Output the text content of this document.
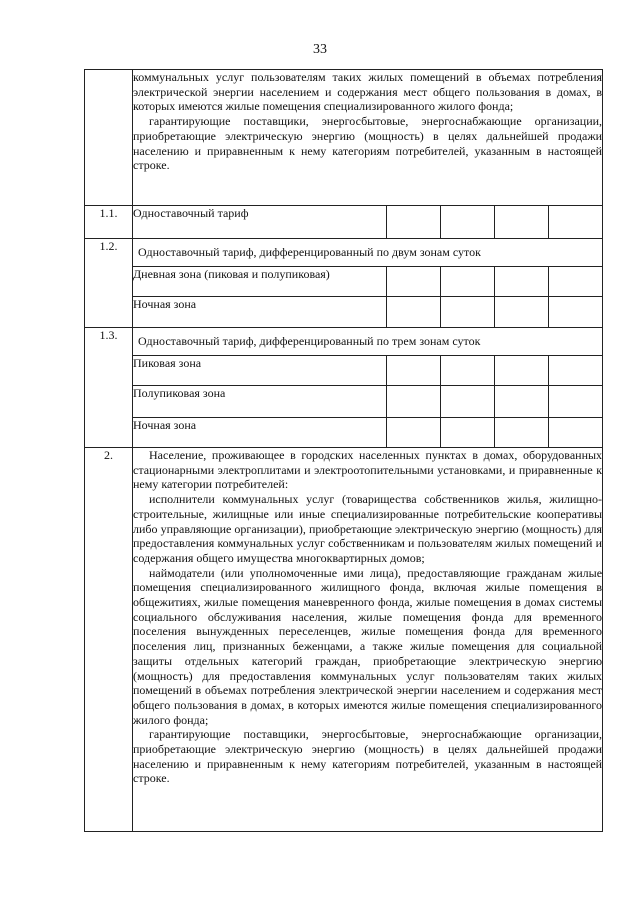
33

	коммунальных услуг пользователям таких жилых помещений в объемах потребления электрической энергии населением и содержания мест общего пользования в домах, в которых имеются жилые помещения специализированного жилого фонда;

гарантирующие поставщики, энергосбытовые, энергоснабжающие организации, приобретающие электрическую энергию (мощность) в целях дальнейшей продажи населению и приравненным к нему категориям потребителей, указанным в настоящей строке.				

1.1.	Одноставочный тариф				
1.2.	Одноставочный тариф, дифференцированный по двум зонам суток				
	Дневная зона (пиковая и полупиковая)				
	Ночная зона				
1.3.	Одноставочный тариф, дифференцированный по трем зонам суток				
	Пиковая зона				
	Полупиковая зона				
	Ночная зона				
2.	Население, проживающее в городских населенных пунктах в домах, оборудованных стационарными электроплитами и электроотопительными установками, и приравненные к нему категории потребителей:

исполнители коммунальных услуг (товарищества собственников жилья, жилищно-строительные, жилищные или иные специализированные потребительские кооперативы либо управляющие организации), приобретающие электрическую энергию (мощность) для предоставления коммунальных услуг собственникам и пользователям жилых помещений и содержания общего имущества многоквартирных домов;

наймодатели (или уполномоченные ими лица), предоставляющие гражданам жилые помещения специализированного жилищного фонда, включая жилые помещения в общежитиях, жилые помещения маневренного фонда, жилые помещения в домах системы социального обслуживания населения, жилые помещения фонда для временного поселения вынужденных переселенцев, жилые помещения фонда для временного поселения лиц, признанных беженцами, а также жилые помещения для социальной защиты отдельных категорий граждан, приобретающие электрическую энергию (мощность) для предоставления коммунальных услуг пользователям таких жилых помещений в объемах потребления электрической энергии населением и содержания мест общего пользования в домах, в которых имеются жилые помещения специализированного жилого фонда;

гарантирующие поставщики, энергосбытовые, энергоснабжающие организации, приобретающие электрическую энергию (мощность) в целях дальнейшей продажи населению и приравненным к нему категориям потребителей, указанным в настоящей строке.				
